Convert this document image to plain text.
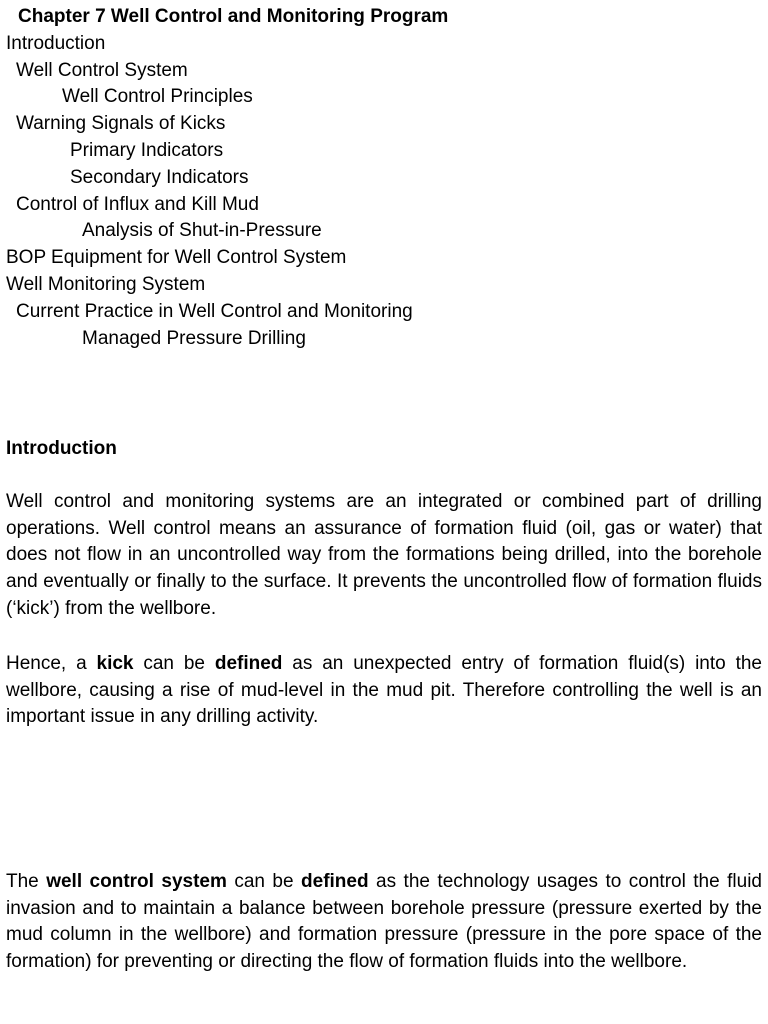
Chapter 7 Well Control and Monitoring Program
Introduction
Well Control System
Well Control Principles
Warning Signals of Kicks
Primary Indicators
Secondary Indicators
Control of Influx and Kill Mud
Analysis of Shut-in-Pressure
BOP Equipment for Well Control System
Well Monitoring System
Current Practice in Well Control and Monitoring
Managed Pressure Drilling
Introduction

Well control and monitoring systems are an integrated or combined part of drilling operations. Well control means an assurance of formation fluid (oil, gas or water) that does not flow in an uncontrolled way from the formations being drilled, into the borehole and eventually or finally to the surface. It prevents the uncontrolled flow of formation fluids (‘kick’) from the wellbore.

Hence, a kick can be defined as an unexpected entry of formation fluid(s) into the wellbore, causing a rise of mud-level in the mud pit. Therefore controlling the well is an important issue in any drilling activity.

The well control system can be defined as the technology usages to control the fluid invasion and to maintain a balance between borehole pressure (pressure exerted by the mud column in the wellbore) and formation pressure (pressure in the pore space of the formation) for preventing or directing the flow of formation fluids into the wellbore.
